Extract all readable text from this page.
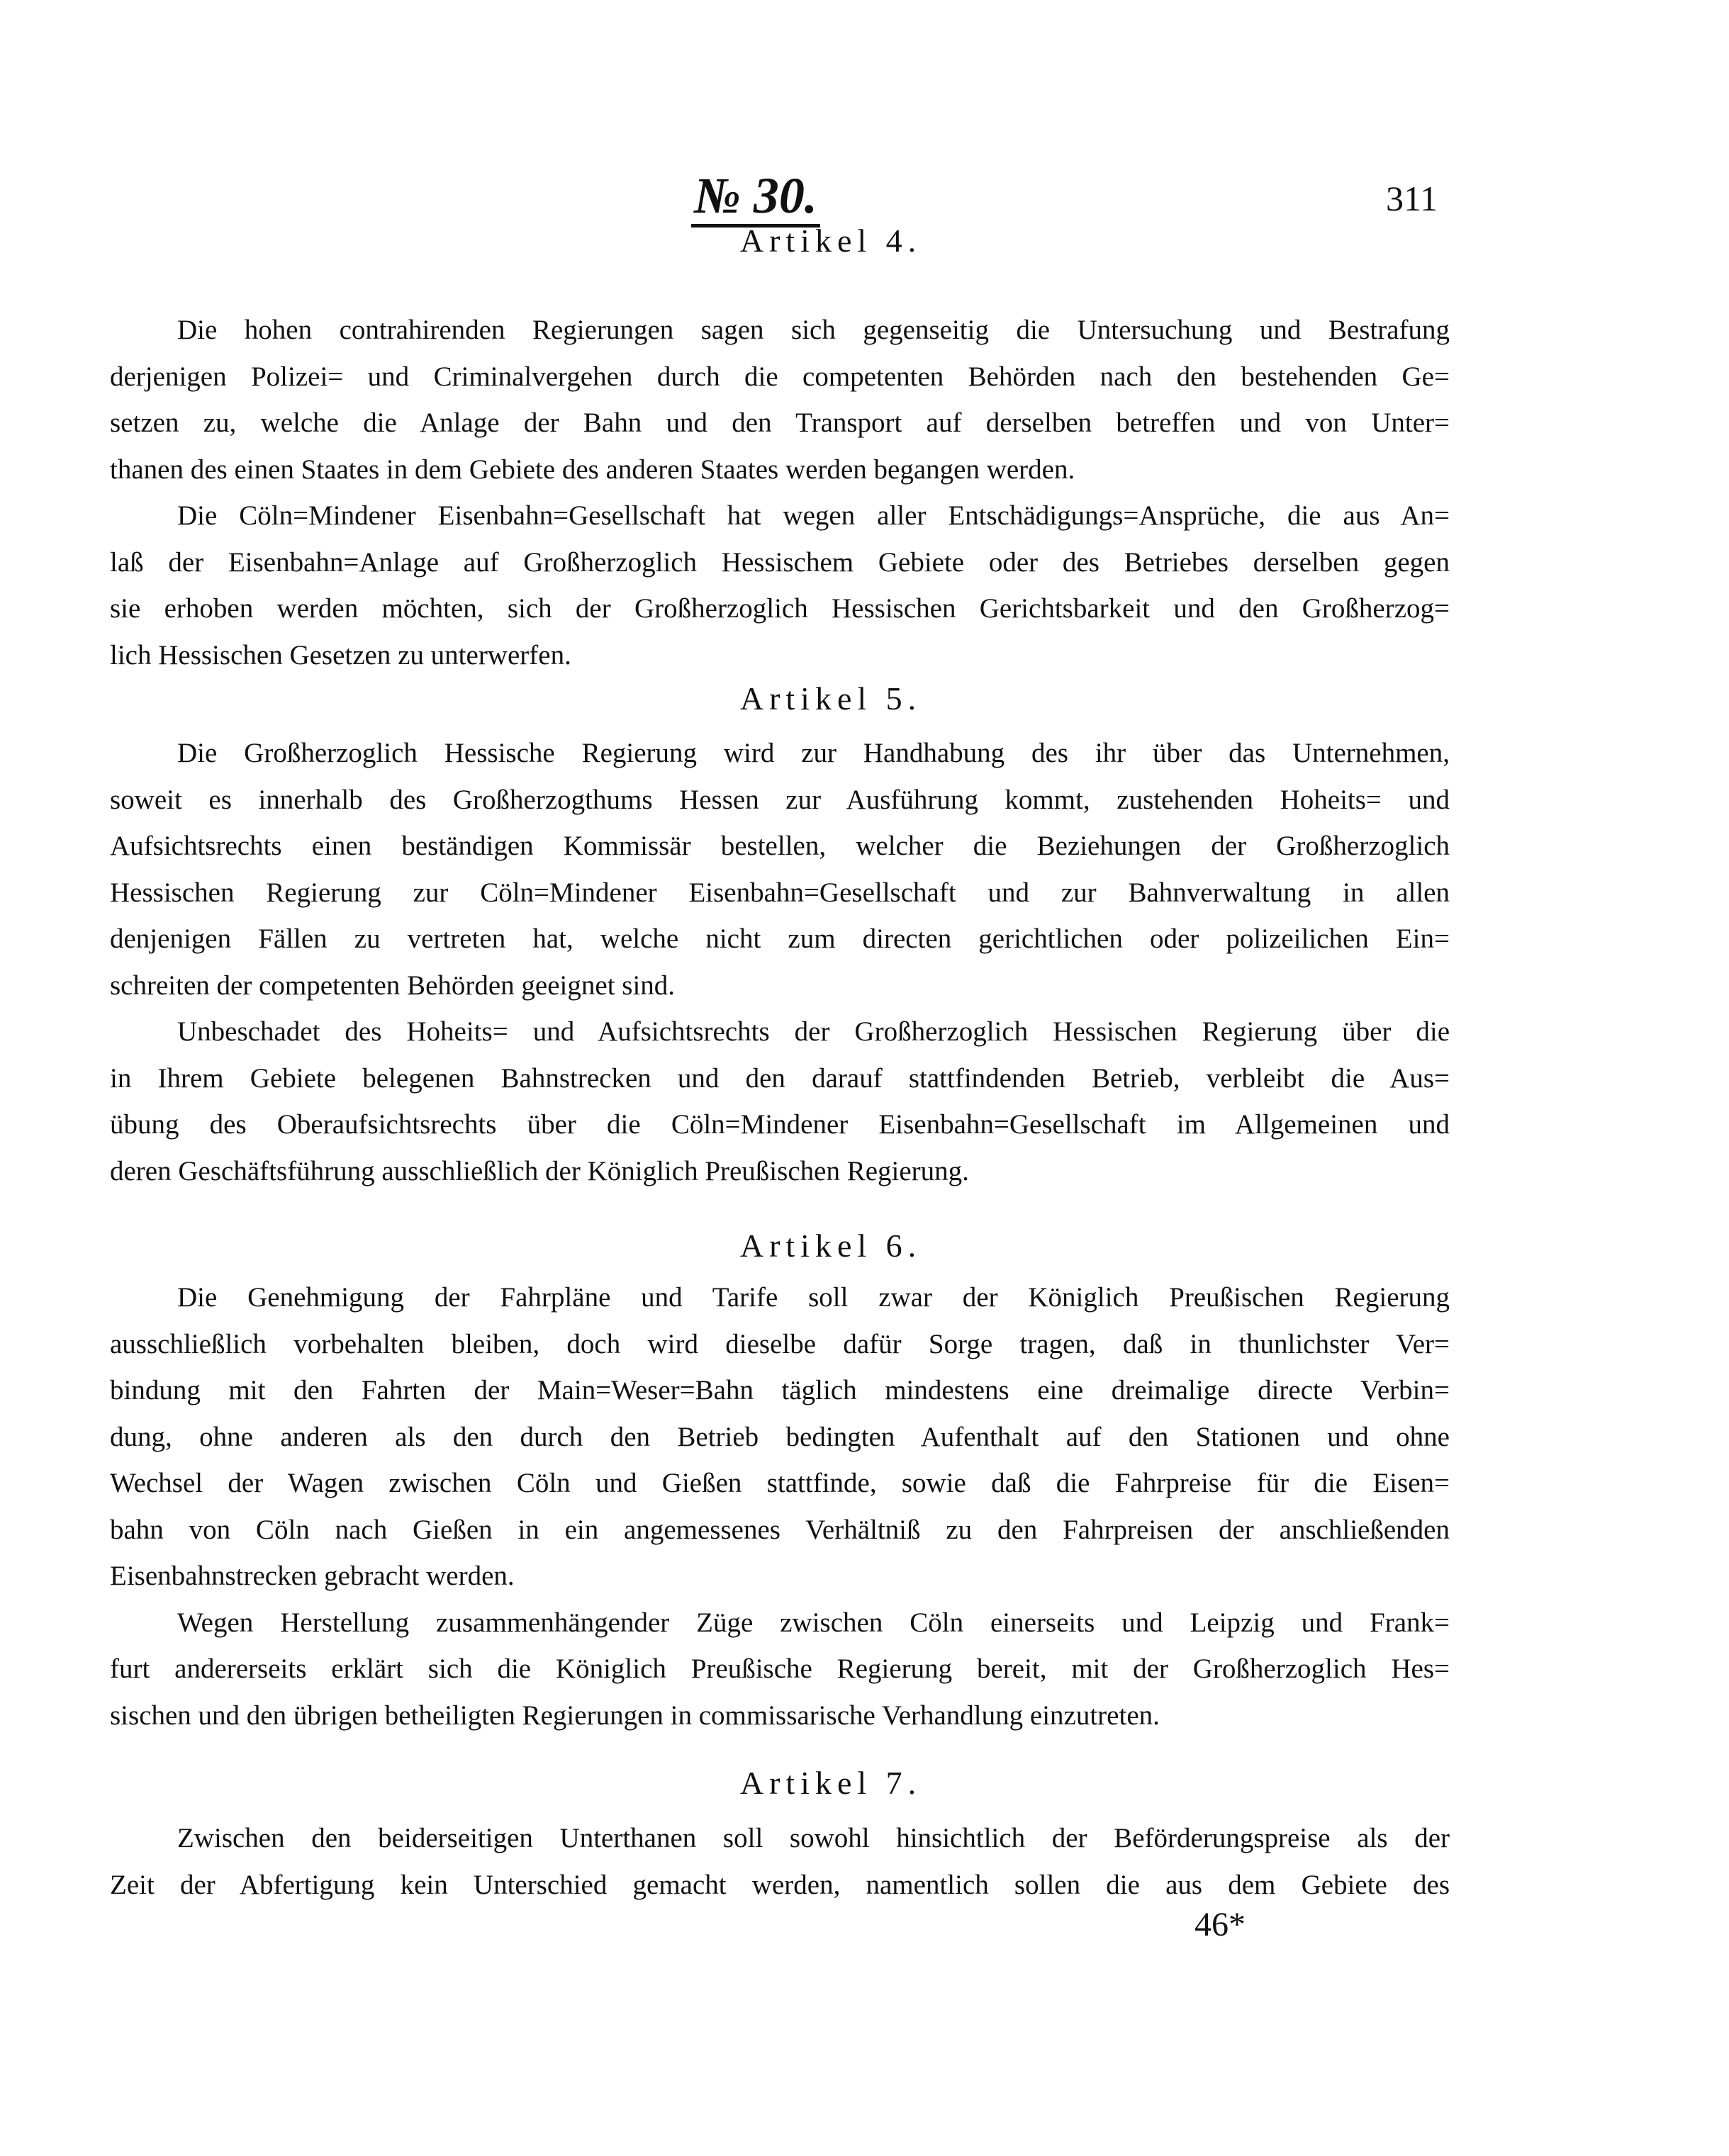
№ 30.	311
Artikel 4.
Die hohen contrahirenden Regierungen sagen sich gegenseitig die Untersuchung und Bestrafung
derjenigen Polizei= und Criminalvergehen durch die competenten Behörden nach den bestehenden Ge=
setzen zu, welche die Anlage der Bahn und den Transport auf derselben betreffen und von Unter=
thanen des einen Staates in dem Gebiete des anderen Staates werden begangen werden.
Die Cöln=Mindener Eisenbahn=Gesellschaft hat wegen aller Entschädigungs=Ansprüche, die aus An=
laß der Eisenbahn=Anlage auf Großherzoglich Hessischem Gebiete oder des Betriebes derselben gegen
sie erhoben werden möchten, sich der Großherzoglich Hessischen Gerichtsbarkeit und den Großherzog=
lich Hessischen Gesetzen zu unterwerfen.
Artikel 5.
Die Großherzoglich Hessische Regierung wird zur Handhabung des ihr über das Unternehmen,
soweit es innerhalb des Großherzogthums Hessen zur Ausführung kommt, zustehenden Hoheits= und
Aufsichtsrechts einen beständigen Kommissär bestellen, welcher die Beziehungen der Großherzoglich
Hessischen Regierung zur Cöln=Mindener Eisenbahn=Gesellschaft und zur Bahnverwaltung in allen
denjenigen Fällen zu vertreten hat, welche nicht zum directen gerichtlichen oder polizeilichen Ein=
schreiten der competenten Behörden geeignet sind.
Unbeschadet des Hoheits= und Aufsichtsrechts der Großherzoglich Hessischen Regierung über die
in Ihrem Gebiete belegenen Bahnstrecken und den darauf stattfindenden Betrieb, verbleibt die Aus=
übung des Oberaufsichtsrechts über die Cöln=Mindener Eisenbahn=Gesellschaft im Allgemeinen und
deren Geschäftsführung ausschließlich der Königlich Preußischen Regierung.
Artikel 6.
Die Genehmigung der Fahrpläne und Tarife soll zwar der Königlich Preußischen Regierung
ausschließlich vorbehalten bleiben, doch wird dieselbe dafür Sorge tragen, daß in thunlichster Ver=
bindung mit den Fahrten der Main=Weser=Bahn täglich mindestens eine dreimalige directe Verbin=
dung, ohne anderen als den durch den Betrieb bedingten Aufenthalt auf den Stationen und ohne
Wechsel der Wagen zwischen Cöln und Gießen stattfinde, sowie daß die Fahrpreise für die Eisen=
bahn von Cöln nach Gießen in ein angemessenes Verhältniß zu den Fahrpreisen der anschließenden
Eisenbahnstrecken gebracht werden.
Wegen Herstellung zusammenhängender Züge zwischen Cöln einerseits und Leipzig und Frank=
furt andererseits erklärt sich die Königlich Preußische Regierung bereit, mit der Großherzoglich Hes=
sischen und den übrigen betheiligten Regierungen in commissarische Verhandlung einzutreten.
Artikel 7.
Zwischen den beiderseitigen Unterthanen soll sowohl hinsichtlich der Beförderungspreise als der
Zeit der Abfertigung kein Unterschied gemacht werden, namentlich sollen die aus dem Gebiete des
46*
